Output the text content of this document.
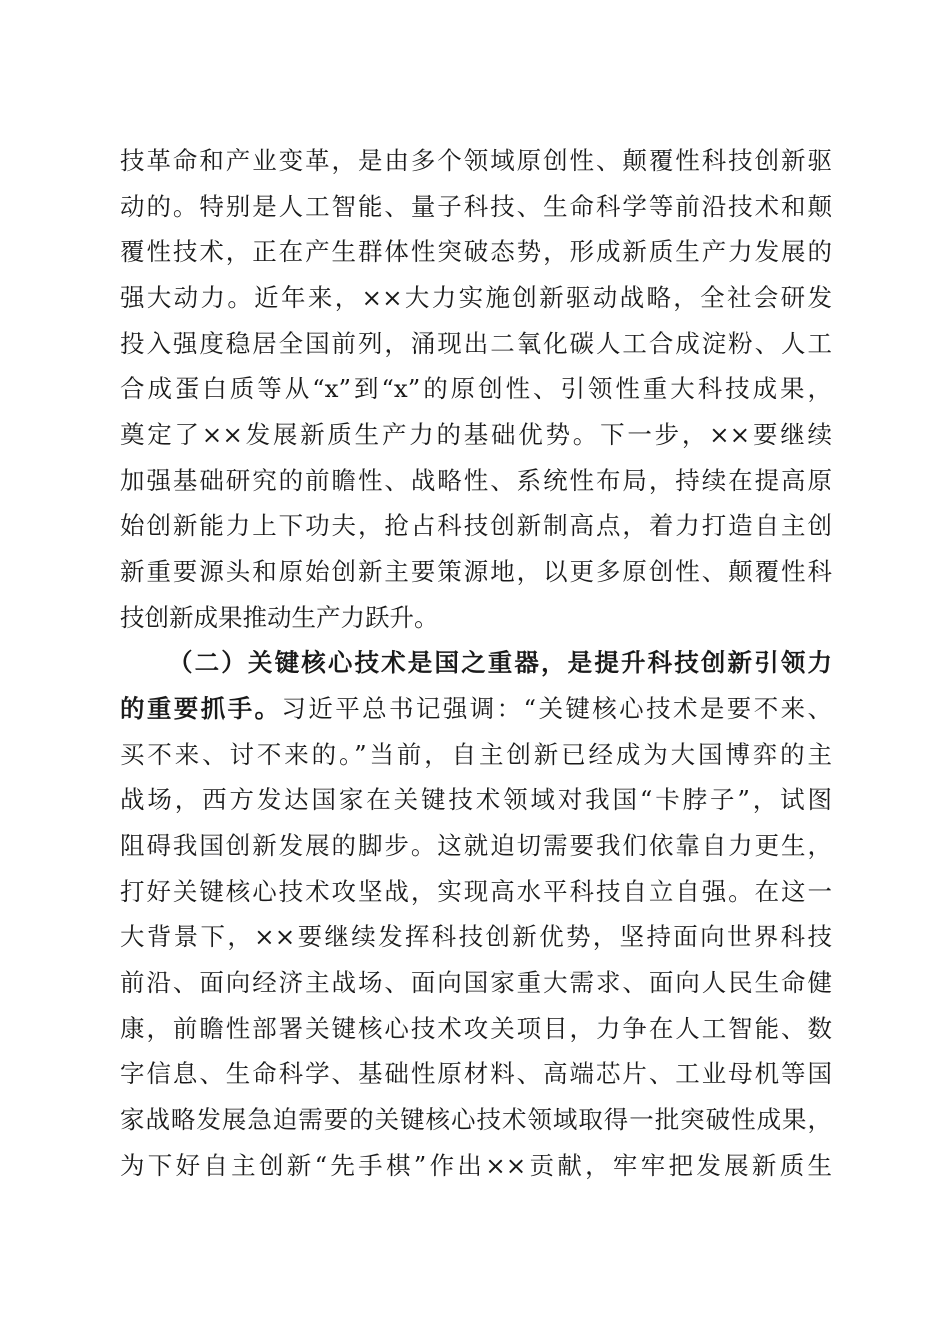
技革命和产业变革，是由多个领域原创性、颠覆性科技创新驱
动的。特别是人工智能、量子科技、生命科学等前沿技术和颠
覆性技术，正在产生群体性突破态势，形成新质生产力发展的
强大动力。近年来，××大力实施创新驱动战略，全社会研发
投入强度稳居全国前列，涌现出二氧化碳人工合成淀粉、人工
合成蛋白质等从“x”到“x”的原创性、引领性重大科技成果，
奠定了××发展新质生产力的基础优势。下一步，××要继续
加强基础研究的前瞻性、战略性、系统性布局，持续在提高原
始创新能力上下功夫，抢占科技创新制高点，着力打造自主创
新重要源头和原始创新主要策源地，以更多原创性、颠覆性科
技创新成果推动生产力跃升。
（二）关键核心技术是国之重器，是提升科技创新引领力
的重要抓手。习近平总书记强调：“关键核心技术是要不来、
买不来、讨不来的。”当前，自主创新已经成为大国博弈的主
战场，西方发达国家在关键技术领域对我国“卡脖子”，试图
阻碍我国创新发展的脚步。这就迫切需要我们依靠自力更生，
打好关键核心技术攻坚战，实现高水平科技自立自强。在这一
大背景下，××要继续发挥科技创新优势，坚持面向世界科技
前沿、面向经济主战场、面向国家重大需求、面向人民生命健
康，前瞻性部署关键核心技术攻关项目，力争在人工智能、数
字信息、生命科学、基础性原材料、高端芯片、工业母机等国
家战略发展急迫需要的关键核心技术领域取得一批突破性成果，
为下好自主创新“先手棋”作出××贡献，牢牢把发展新质生
